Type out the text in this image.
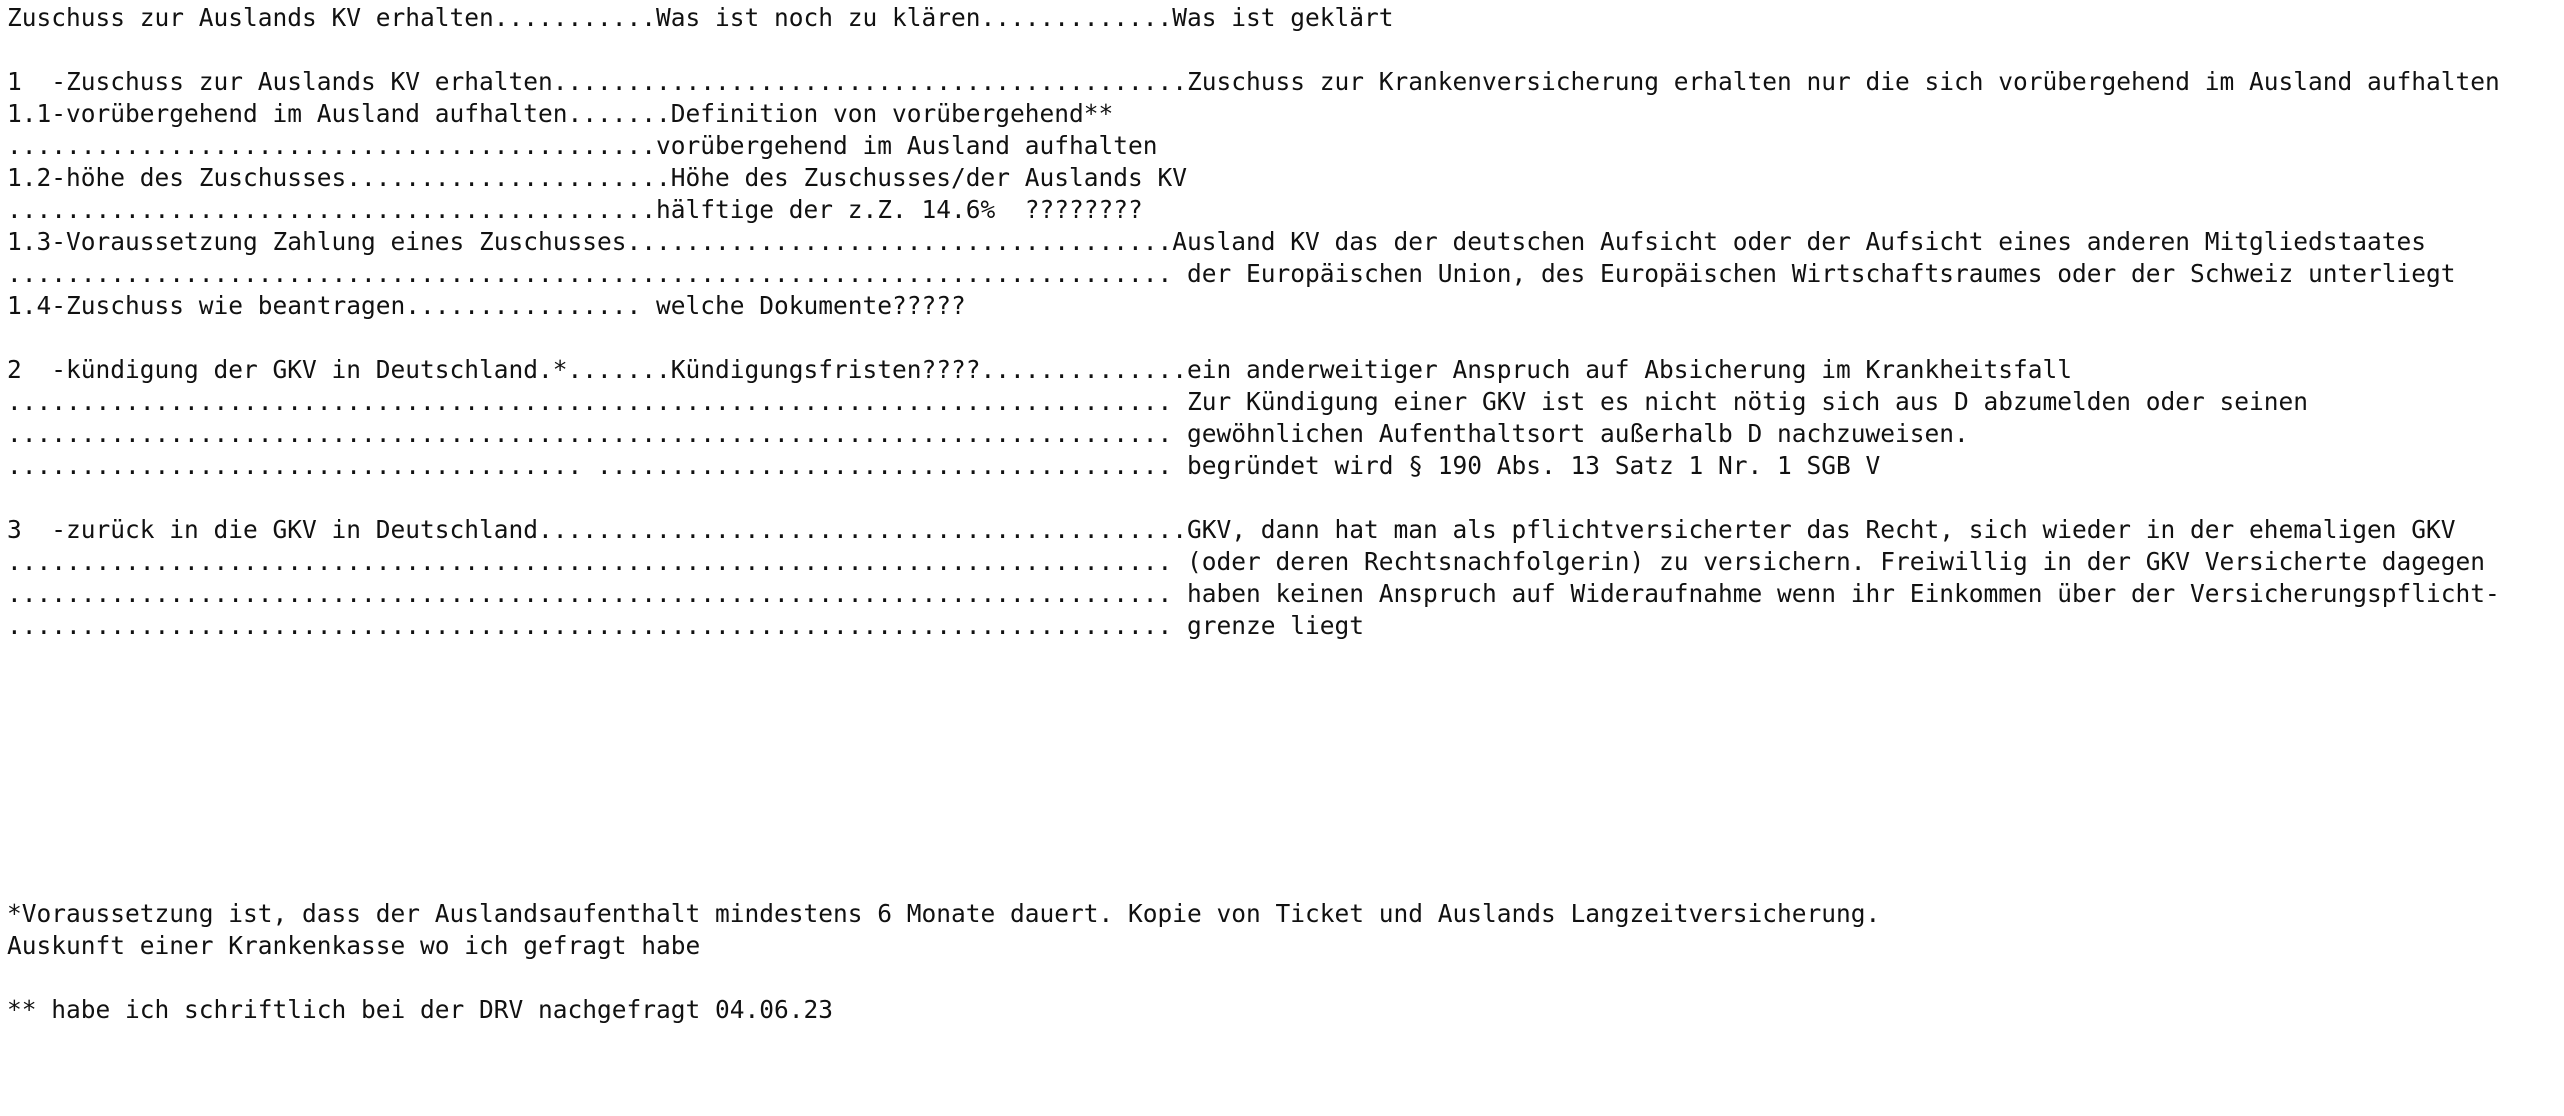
Zuschuss zur Auslands KV erhalten...........Was ist noch zu klären.............Was ist geklärt
1  -Zuschuss zur Auslands KV erhalten...........................................Zuschuss zur Krankenversicherung erhalten nur die sich vorübergehend im Ausland aufhalten
1.1-vorübergehend im Ausland aufhalten.......Definition von vorübergehend**
............................................vorübergehend im Ausland aufhalten
1.2-höhe des Zuschusses......................Höhe des Zuschusses/der Auslands KV
............................................hälftige der z.Z. 14.6%  ????????
1.3-Voraussetzung Zahlung eines Zuschusses.....................................Ausland KV das der deutschen Aufsicht oder der Aufsicht eines anderen Mitgliedstaates
............................................................................... der Europäischen Union, des Europäischen Wirtschaftsraumes oder der Schweiz unterliegt
1.4-Zuschuss wie beantragen................ welche Dokumente?????
2  -kündigung der GKV in Deutschland.*.......Kündigungsfristen????..............ein anderweitiger Anspruch auf Absicherung im Krankheitsfall
............................................................................... Zur Kündigung einer GKV ist es nicht nötig sich aus D abzumelden oder seinen
............................................................................... gewöhnlichen Aufenthaltsort außerhalb D nachzuweisen.
....................................... ....................................... begründet wird § 190 Abs. 13 Satz 1 Nr. 1 SGB V
3  -zurück in die GKV in Deutschland............................................GKV, dann hat man als pflichtversicherter das Recht, sich wieder in der ehemaligen GKV
............................................................................... (oder deren Rechtsnachfolgerin) zu versichern. Freiwillig in der GKV Versicherte dagegen
............................................................................... haben keinen Anspruch auf Wideraufnahme wenn ihr Einkommen über der Versicherungspflicht-
............................................................................... grenze liegt
*Voraussetzung ist, dass der Auslandsaufenthalt mindestens 6 Monate dauert. Kopie von Ticket und Auslands Langzeitversicherung.
Auskunft einer Krankenkasse wo ich gefragt habe
** habe ich schriftlich bei der DRV nachgefragt 04.06.23
